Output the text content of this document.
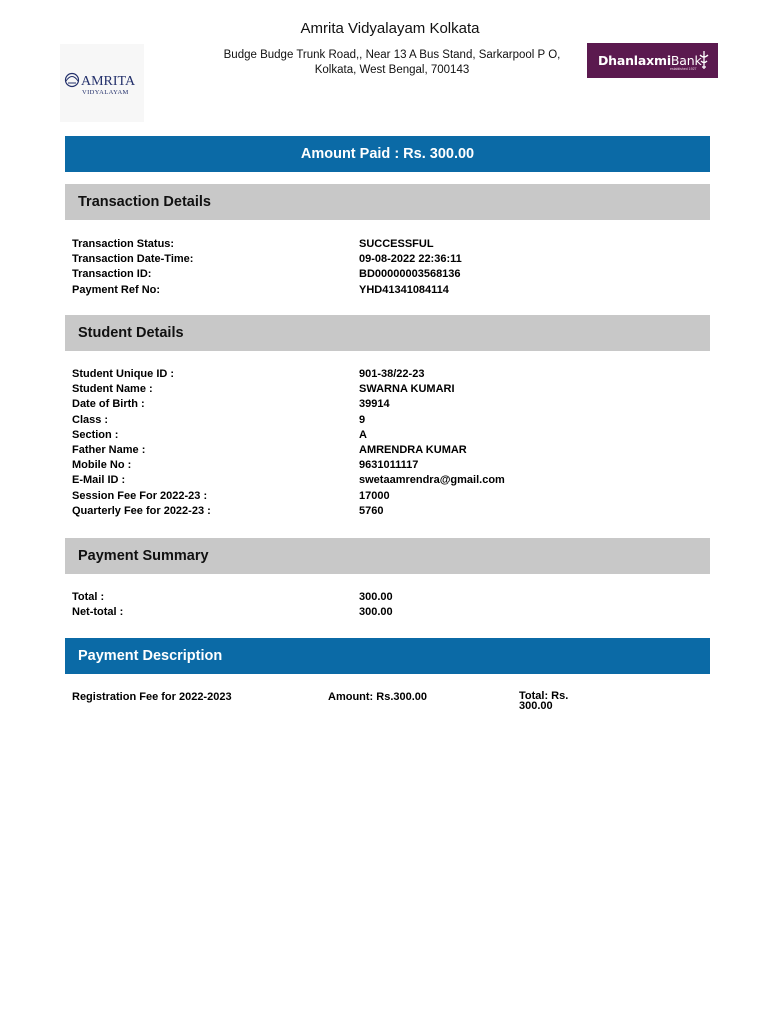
AMRITA
VIDYALAYAM
Amrita Vidyalayam Kolkata
Budge Budge Trunk Road,, Near 13 A Bus Stand, Sarkarpool P O, Kolkata, West Bengal, 700143
DhanlaxmiBank
established 1927
Amount Paid : Rs. 300.00
Transaction Details
Transaction Status:	SUCCESSFUL
Transaction Date-Time:	09-08-2022 22:36:11
Transaction ID:	BD00000003568136
Payment Ref No:	YHD41341084114
Student Details
Student Unique ID :	901-38/22-23
Student Name :	SWARNA KUMARI
Date of Birth :	39914
Class :	9
Section :	A
Father Name :	AMRENDRA KUMAR
Mobile No :	9631011117
E-Mail ID :	swetaamrendra@gmail.com
Session Fee For 2022-23 :	17000
Quarterly Fee for 2022-23 :	5760
Payment Summary
Total :	300.00
Net-total :	300.00
Payment Description
Registration Fee for 2022-2023	Amount: Rs.300.00	Total: Rs. 300.00
